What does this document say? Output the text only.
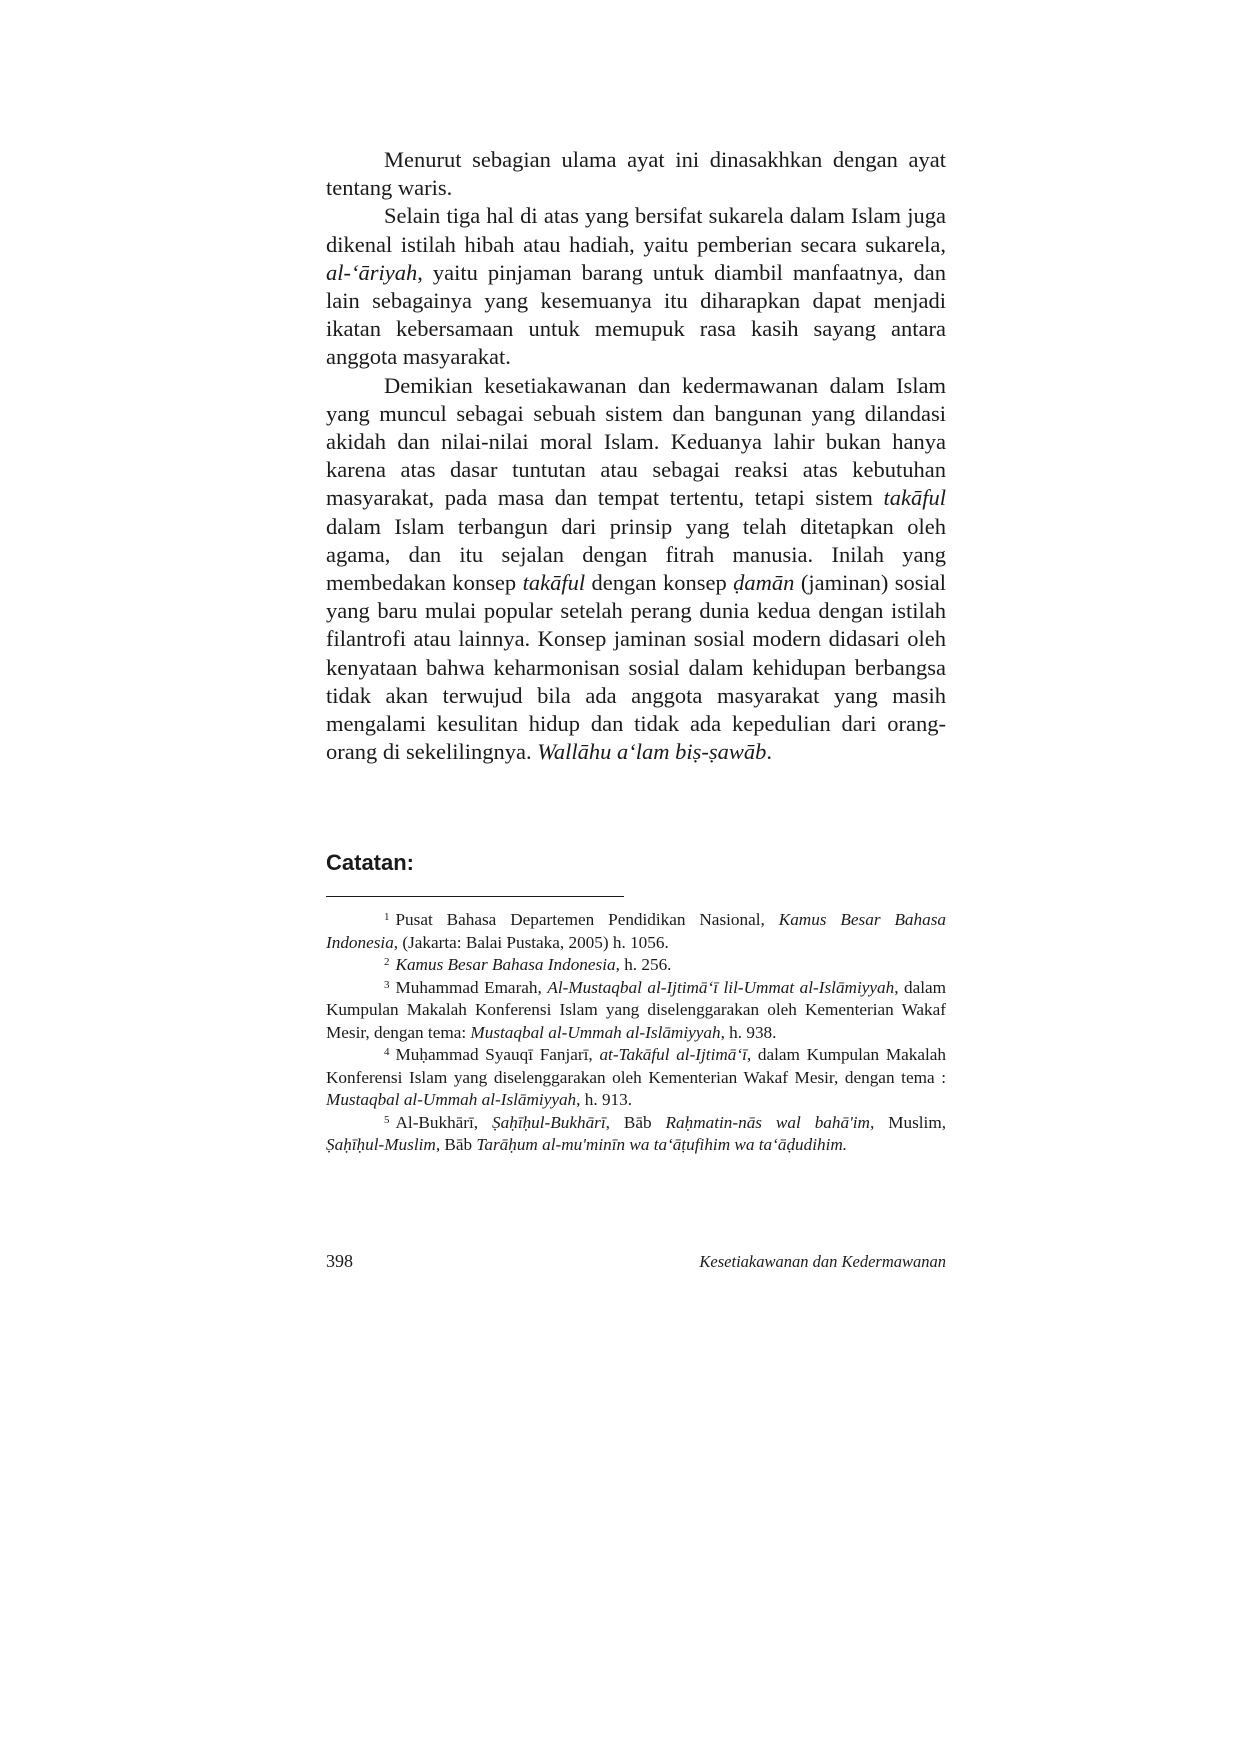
Menurut sebagian ulama ayat ini dinasakhkan dengan ayat tentang waris.

Selain tiga hal di atas yang bersifat sukarela dalam Islam juga dikenal istilah hibah atau hadiah, yaitu pemberian secara sukarela, al-ʻāriyah, yaitu pinjaman barang untuk diambil manfaatnya, dan lain sebagainya yang kesemuanya itu diharapkan dapat menjadi ikatan kebersamaan untuk memupuk rasa kasih sayang antara anggota masyarakat.

Demikian kesetiakawanan dan kedermawanan dalam Islam yang muncul sebagai sebuah sistem dan bangunan yang dilandasi akidah dan nilai-nilai moral Islam. Keduanya lahir bukan hanya karena atas dasar tuntutan atau sebagai reaksi atas kebutuhan masyarakat, pada masa dan tempat tertentu, tetapi sistem takāful dalam Islam terbangun dari prinsip yang telah ditetapkan oleh agama, dan itu sejalan dengan fitrah manusia. Inilah yang membedakan konsep takāful dengan konsep ḍamān (jaminan) sosial yang baru mulai popular setelah perang dunia kedua dengan istilah filantrofi atau lainnya. Konsep jaminan sosial modern didasari oleh kenyataan bahwa keharmonisan sosial dalam kehidupan berbangsa tidak akan terwujud bila ada anggota masyarakat yang masih mengalami kesulitan hidup dan tidak ada kepedulian dari orang-orang di sekelilingnya. Wallāhu aʻlam biṣ-ṣawāb.

Catatan:

$^1$ Pusat Bahasa Departemen Pendidikan Nasional, Kamus Besar Bahasa Indonesia, (Jakarta: Balai Pustaka, 2005) h. 1056.

$^2$ Kamus Besar Bahasa Indonesia, h. 256.

$^3$ Muhammad Emarah, Al-Mustaqbal al-Ijtimāʻī lil-Ummat al-Islāmiyyah, dalam Kumpulan Makalah Konferensi Islam yang diselenggarakan oleh Kementerian Wakaf Mesir, dengan tema: Mustaqbal al-Ummah al-Islāmiyyah, h. 938.

$^4$ Muḥammad Syauqī Fanjarī, at-Takāful al-Ijtimāʻī, dalam Kumpulan Makalah Konferensi Islam yang diselenggarakan oleh Kementerian Wakaf Mesir, dengan tema : Mustaqbal al-Ummah al-Islāmiyyah, h. 913.

$^5$ Al-Bukhārī, Ṣaḥīḥul-Bukhārī, Bāb Raḥmatin-nās wal bahā'im, Muslim, Ṣaḥīḥul-Muslim, Bāb Tarāḥum al-mu'minīn wa taʻāṭufihim wa taʻāḍudihim.

398	Kesetiakawanan dan Kedermawanan
